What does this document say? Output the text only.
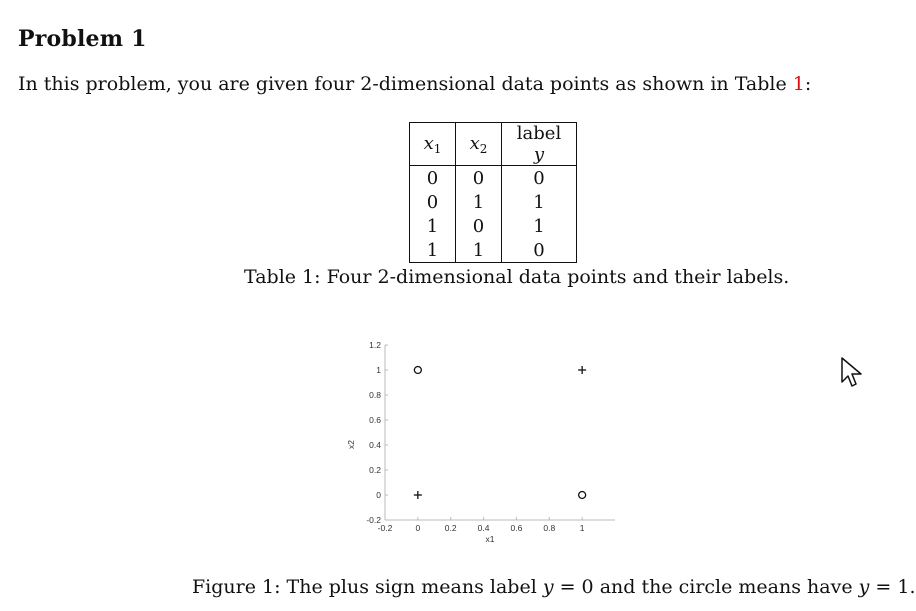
Problem 1
In this problem, you are given four 2-dimensional data points as shown in Table 1:
$x_1$	$x_2$	label y
0	0	0
0	1	1
1	0	1
1	1	0
Table 1: Four 2-dimensional data points and their labels.
-0.2
0
0.2
0.4
0.6
0.8
1
1.2
-0.2	0	0.2 0.4 0.6 0.8	1
x1
x2
Figure 1: The plus sign means label y = 0 and the circle means have y = 1.
